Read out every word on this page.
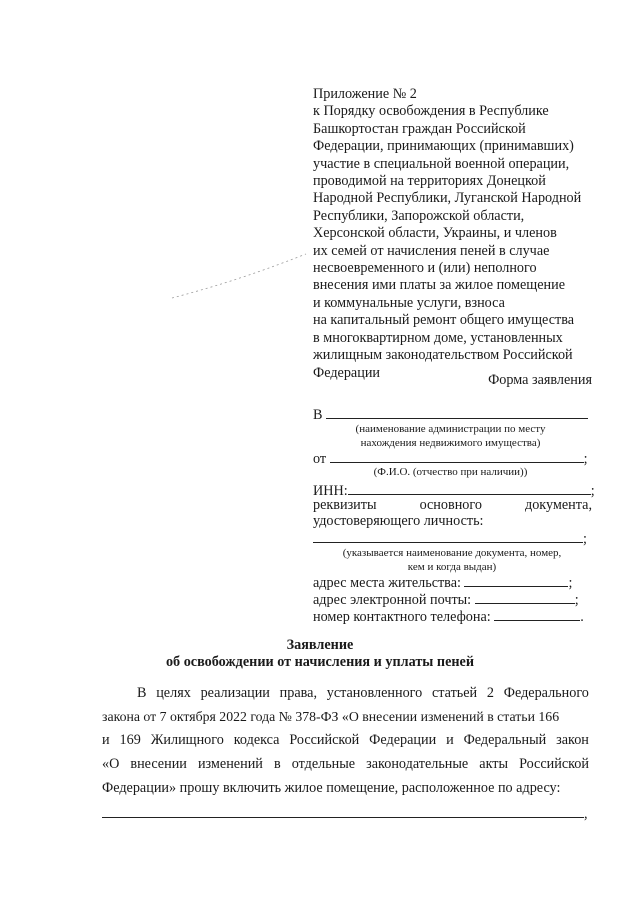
Приложение № 2
к Порядку освобождения в Республике
Башкортостан граждан Российской
Федерации, принимающих (принимавших)
участие в специальной военной операции,
проводимой на территориях Донецкой
Народной Республики, Луганской Народной
Республики, Запорожской области,
Херсонской области, Украины, и членов
их семей от начисления пеней в случае
несвоевременного и (или) неполного
внесения ими платы за жилое помещение
и коммунальные услуги, взноса
на капитальный ремонт общего имущества
в многоквартирном доме, установленных
жилищным законодательством Российской
Федерации	Форма заявления
В
(наименование администрации по месту
нахождения недвижимого имущества)
от	;
(Ф.И.О. (отчество при наличии))
ИНН:	;
реквизиты	основного	документа,
удостоверяющего личность:
;
(указывается наименование документа, номер,
кем и когда выдан)
адрес места жительства:	;
адрес электронной почты:	;
номер контактного телефона:	.
Заявление
об освобождении от начисления и уплаты пеней
В целях реализации права, установленного статьей 2 Федерального
закона от 7 октября 2022 года № 378-ФЗ «О внесении изменений в статьи 166
и 169 Жилищного кодекса Российской Федерации и Федеральный закон
«О внесении изменений в отдельные законодательные акты Российской
Федерации» прошу включить жилое помещение, расположенное по адресу:
,
